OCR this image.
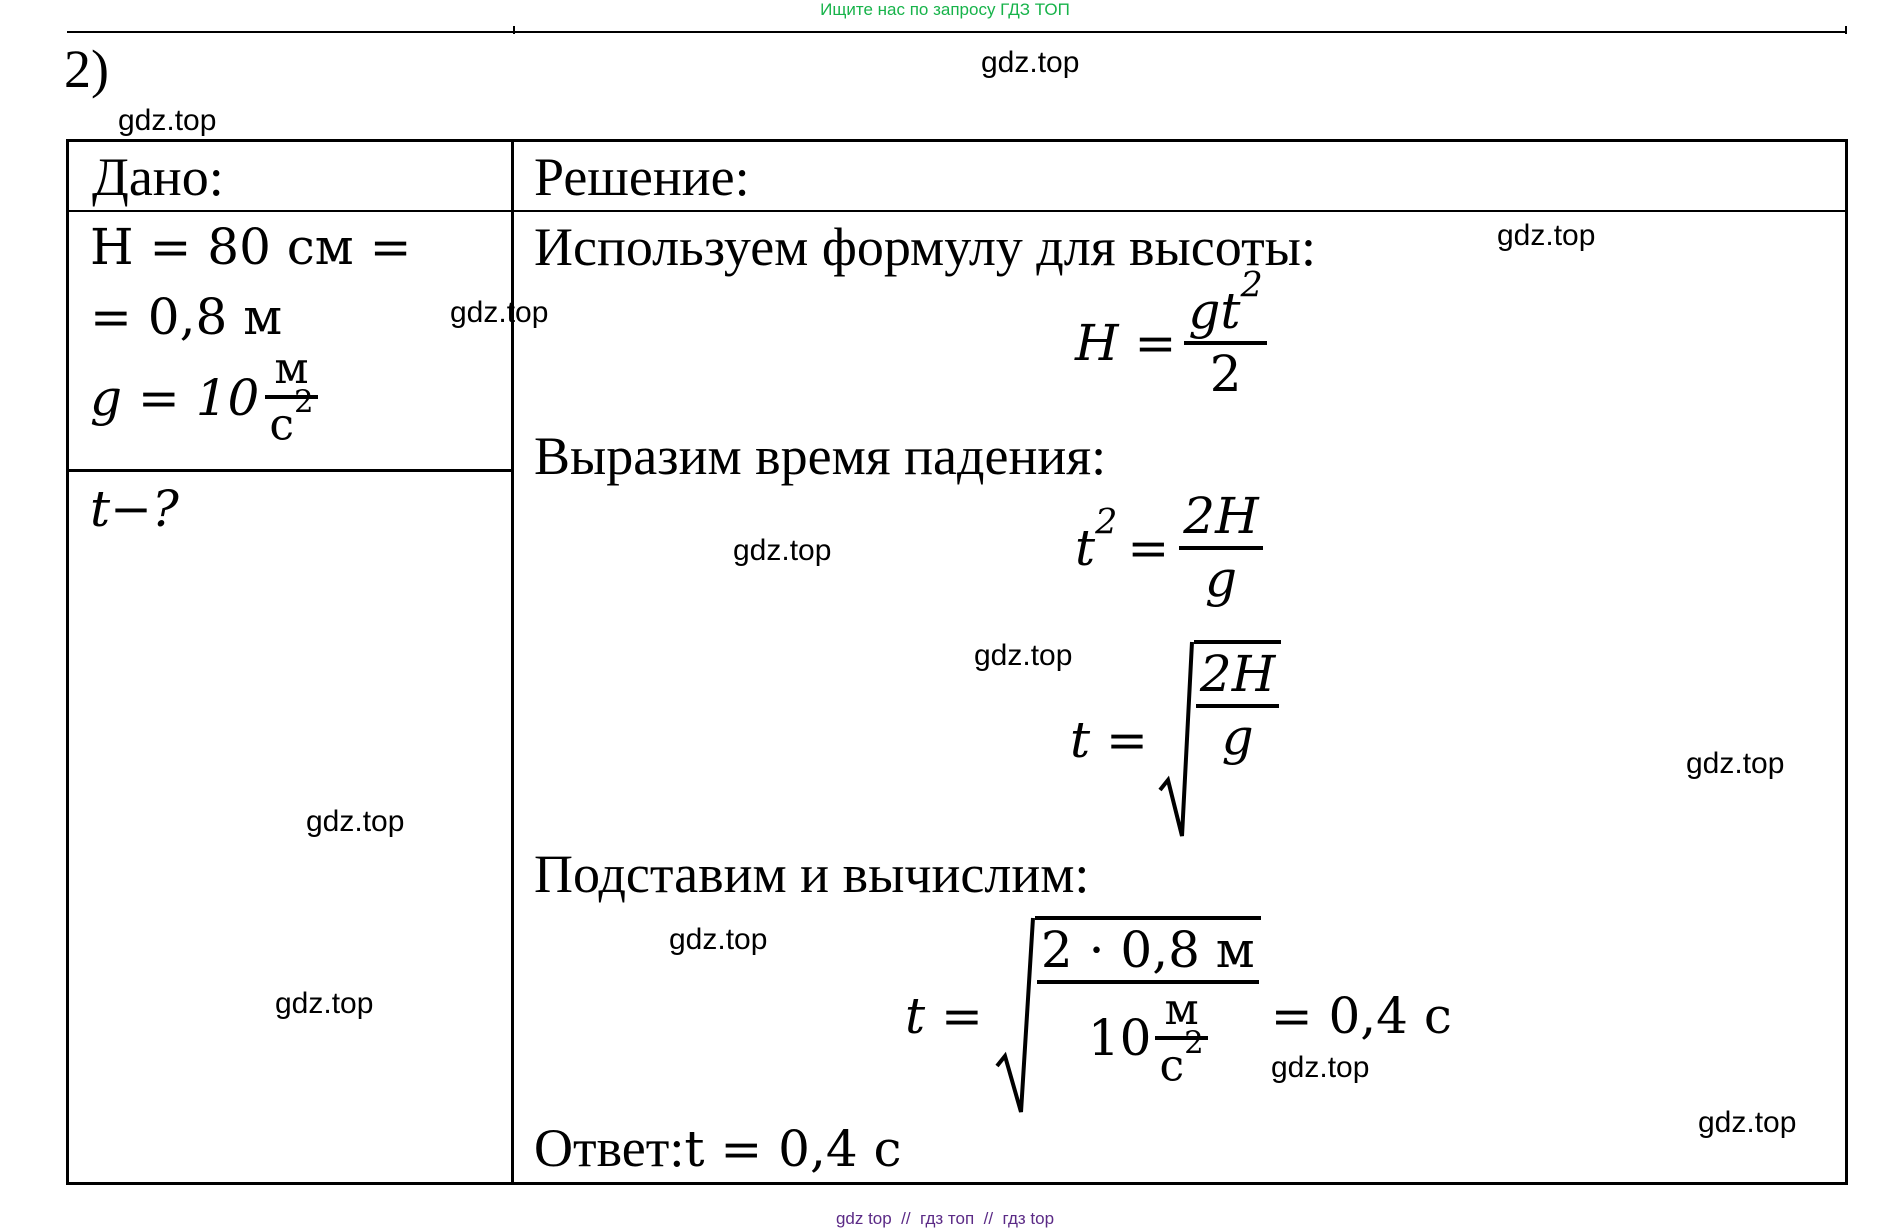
Ищите нас по запросу ГДЗ ТОП
2)
Дано:	Решение:
H = 80 см =
= 0,8 м
$g = 10 \frac{м}{с^2}$
t−?
Используем формулу для высоты:
$H = \frac{gt^2}{2}$
Выразим время падения:
$t^2 = \frac{2H}{g}$
$t = \frac{2H}{g}$
Подставим и вычислим:
$t = \frac{2 \cdot 0,8 м}{10 \frac{м}{с^2}} = 0,4$ с
Ответ: t = 0,4 с
gdz.top
gdz.top
gdz.top
gdz.top
gdz.top
gdz.top
gdz.top
gdz.top
gdz.top
gdz.top
gdz.top
gdz.top
gdz top  //  гдз топ  //  гдз top
